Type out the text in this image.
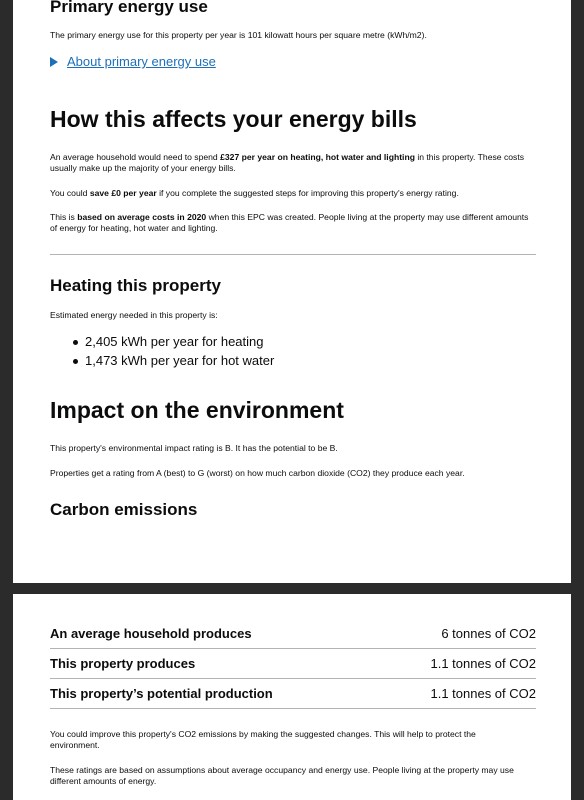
Primary energy use

The primary energy use for this property per year is 101 kilowatt hours per square metre (kWh/m2).

About primary energy use
How this affects your energy bills

An average household would need to spend £327 per year on heating, hot water and lighting in this property. These costs usually make up the majority of your energy bills.

You could save £0 per year if you complete the suggested steps for improving this property's energy rating.

This is based on average costs in 2020 when this EPC was created. People living at the property may use different amounts of energy for heating, hot water and lighting.

Heating this property

Estimated energy needed in this property is:

2,405 kWh per year for heating
1,473 kWh per year for hot water
Impact on the environment

This property's environmental impact rating is B. It has the potential to be B.

Properties get a rating from A (best) to G (worst) on how much carbon dioxide (CO2) they produce each year.

Carbon emissions
An average household produces	6 tonnes of CO2
This property produces	1.1 tonnes of CO2
This property’s potential production	1.1 tonnes of CO2

You could improve this property's CO2 emissions by making the suggested changes. This will help to protect the environment.

These ratings are based on assumptions about average occupancy and energy use. People living at the property may use different amounts of energy.
